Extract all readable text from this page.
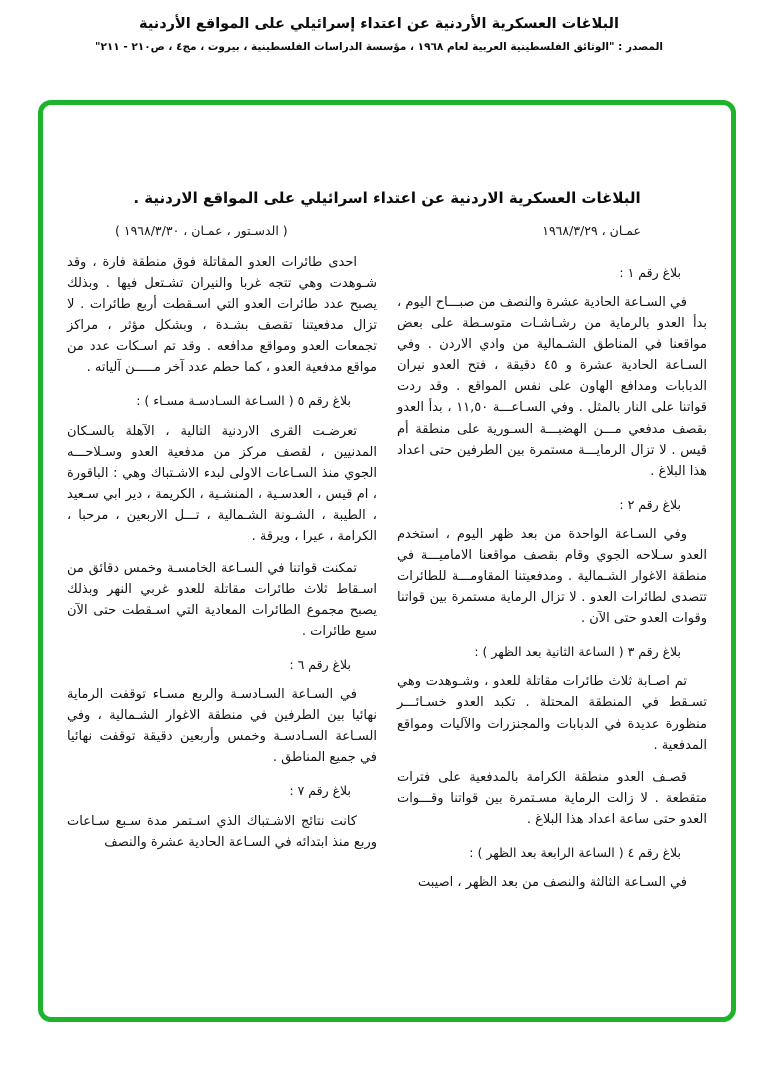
البلاغات العسكرية الأردنية عن اعتداء إسرائيلي على المواقع الأردنية
المصدر : "الوثائق الفلسطينية العربية لعام ١٩٦٨ ، مؤسسة الدراسات الفلسطينية ، بيروت ، مج٤ ، ص٢١٠ - ٢١١"
البلاغات العسكرية الاردنية عن اعتداء اسرائيلي على المواقع الاردنية .
عمـان ، ١٩٦٨/٣/٢٩
( الدسـتور ، عمـان ، ١٩٦٨/٣/٣٠ )
بلاغ رقم ١ :
في السـاعة الحادية عشرة والنصف من صبـــاح اليوم ، بدأ العدو بالرماية من رشـاشـات متوسـطة على بعض مواقعنا في المناطق الشـمالية من وادي الاردن . وفي السـاعة الحادية عشرة و ٤٥ دقيقة ، فتح العدو نيران الدبابات ومدافع الهاون على نفس المواقع . وقد ردت قواتنا على النار بالمثل . وفي السـاعـــة ١١,٥٠ ، بدأ العدو بقصف مدفعي مـــن الهضبـــة السـورية على منطقة أم قيس . لا تزال الرمايـــة مستمرة بين الطرفين حتى اعداد هذا البلاغ .
بلاغ رقم ٢ :
وفي السـاعة الواحدة من بعد ظهر اليوم ، استخدم العدو سـلاحه الجوي وقام بقصف مواقعنا الاماميـــة في منطقة الاغوار الشـمالية . ومدفعيتنا المقاومـــة للطائرات تتصدى لطائرات العدو . لا تزال الرماية مستمرة بين قواتنا وقوات العدو حتى الآن .
بلاغ رقم ٣ ( الساعة الثانية بعد الظهر ) :
تم اصـابة ثلاث طائرات مقاتلة للعدو ، وشـوهدت وهي تسـقط في المنطقة المحتلة . تكبد العدو خسـائـــر منظورة عديدة في الدبابات والمجنزرات والآليات ومواقع المدفعية .
قصـف العدو منطقة الكرامة بالمدفعية على فترات متقطعة . لا زالت الرماية مسـتمرة بين قواتنا وقـــوات العدو حتى ساعة اعداد هذا البلاغ .
بلاغ رقم ٤ ( الساعة الرابعة بعد الظهر ) :
في السـاعة الثالثة والنصف من بعد الظهر ، اصيبت
احدى طائرات العدو المقاتلة فوق منطقة فارة ، وقد شـوهدت وهي تتجه غربا والنيران تشـتعل فيها . وبذلك يصبح عدد طائرات العدو التي اسـقطت أربع طائرات . لا تزال مدفعيتنا تقصف بشـدة ، وبشكل مؤثر ، مراكز تجمعات العدو ومواقع مدافعه . وقد تم اسـكات عدد من مواقع مدفعية العدو ، كما حطم عدد آخر مـــــن آلياته .
بلاغ رقم ٥ ( السـاعة السـادسـة مسـاء ) :
تعرضـت القرى الاردنية التالية ، الآهلة بالسـكان المدنيين ، لقصف مركز من مدفعية العدو وسـلاحـــه الجوي منذ السـاعات الاولى لبدء الاشـتباك وهي : الباقورة ، ام قيس ، العدسـية ، المنشـية ، الكريمة ، دير ابي سـعيد ، الطيبة ، الشـونة الشـمالية ، تـــل الاربعين ، مرحبا ، الكرامة ، عيرا ، ويرقة .
تمكنت قواتنا في السـاعة الخامسـة وخمس دقائق من اسـقاط ثلاث طائرات مقاتلة للعدو غربي النهر وبذلك يصبح مجموع الطائرات المعادية التي اسـقطت حتى الآن سبع طائرات .
بلاغ رقم ٦ :
في السـاعة السـادسـة والربع مسـاء توقفت الرماية نهائيا بين الطرفين في منطقة الاغوار الشـمالية ، وفي السـاعة السـادسـة وخمس وأربعين دقيقة توقفت نهائيا في جميع المناطق .
بلاغ رقم ٧ :
كانت نتائج الاشـتباك الذي اسـتمر مدة سـبع سـاعات وربع منذ ابتدائه في السـاعة الحادية عشرة والنصف
